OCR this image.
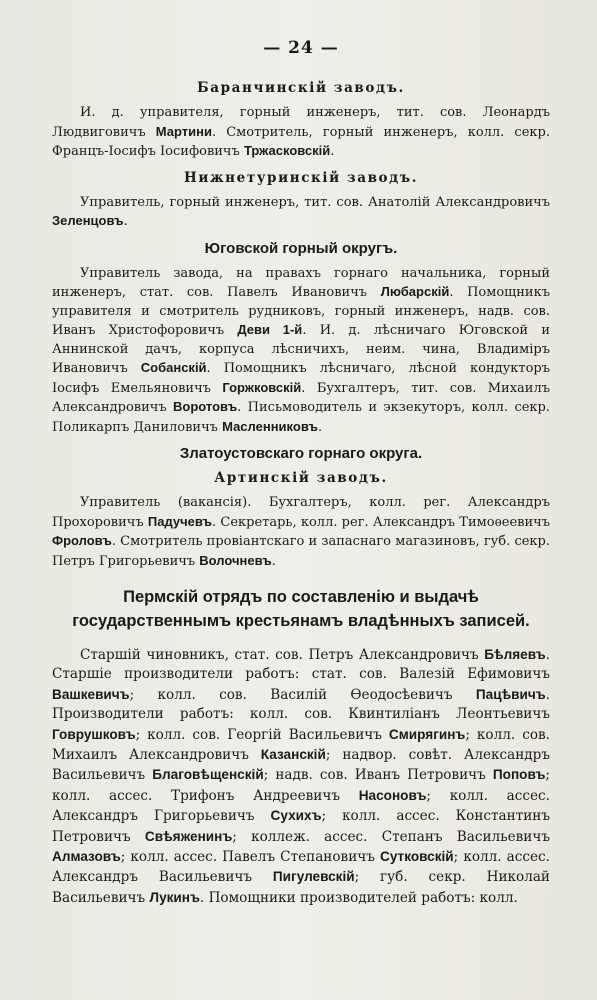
— 24 —
Баранчинскій заводъ.

И. д. управителя, горный инженеръ, тит. сов. Леонардъ Людвиговичъ Мартини. Смотритель, горный инженеръ, колл. секр. Францъ-Іосифъ Іосифовичъ Тржасковскій.

Нижнетуринскій заводъ.

Управитель, горный инженеръ, тит. сов. Анатолій Александровичъ Зеленцовъ.

Юговской горный округъ.

Управитель завода, на правахъ горнаго начальника, горный инженеръ, стат. сов. Павелъ Ивановичъ Любарскій. Помощникъ управителя и смотритель рудниковъ, горный инженеръ, надв. сов. Иванъ Христофоровичъ Деви 1-й. И. д. лѣсничаго Юговской и Аннинской дачъ, корпуса лѣсничихъ, неим. чина, Владиміръ Ивановичъ Собанскій. Помощникъ лѣсничаго, лѣсной кондукторъ Іосифъ Емельяновичъ Горжковскій. Бухгалтеръ, тит. сов. Михаилъ Александровичъ Воротовъ. Письмоводитель и экзекуторъ, колл. секр. Поликарпъ Даниловичъ Масленниковъ.

Златоустовскаго горнаго округа.
Артинскій заводъ.

Управитель (вакансія). Бухгалтеръ, колл. рег. Александръ Прохоровичъ Падучевъ. Секретарь, колл. рег. Александръ Тимоѳеевичъ Фроловъ. Смотритель провіантскаго и запаснаго магазиновъ, губ. секр. Петръ Григорьевичъ Волочневъ.

Пермскій отрядъ по составленію и выдачѣ государственнымъ крестьянамъ владѣнныхъ записей.

Старшій чиновникъ, стат. сов. Петръ Александровичъ Бѣляевъ. Старшіе производители работъ: стат. сов. Валезій Ефимовичъ Вашкевичъ; колл. сов. Василій Ѳеодосѣевичъ Пацѣвичъ. Производители работъ: колл. сов. Квинтиліанъ Леонтьевичъ Говрушковъ; колл. сов. Георгій Васильевичъ Смирягинъ; колл. сов. Михаилъ Александровичъ Казанскій; надвор. совѣт. Александръ Васильевичъ Благовѣщенскій; надв. сов. Иванъ Петровичъ Поповъ; колл. ассес. Трифонъ Андреевичъ Насоновъ; колл. ассес. Александръ Григорьевичъ Сухихъ; колл. ассес. Константинъ Петровичъ Свѣяженинъ; коллеж. ассес. Степанъ Васильевичъ Алмазовъ; колл. ассес. Павелъ Степановичъ Сутковскій; колл. ассес. Александръ Васильевичъ Пигулевскій; губ. секр. Николай Васильевичъ Лукинъ. Помощники производителей работъ: колл.
